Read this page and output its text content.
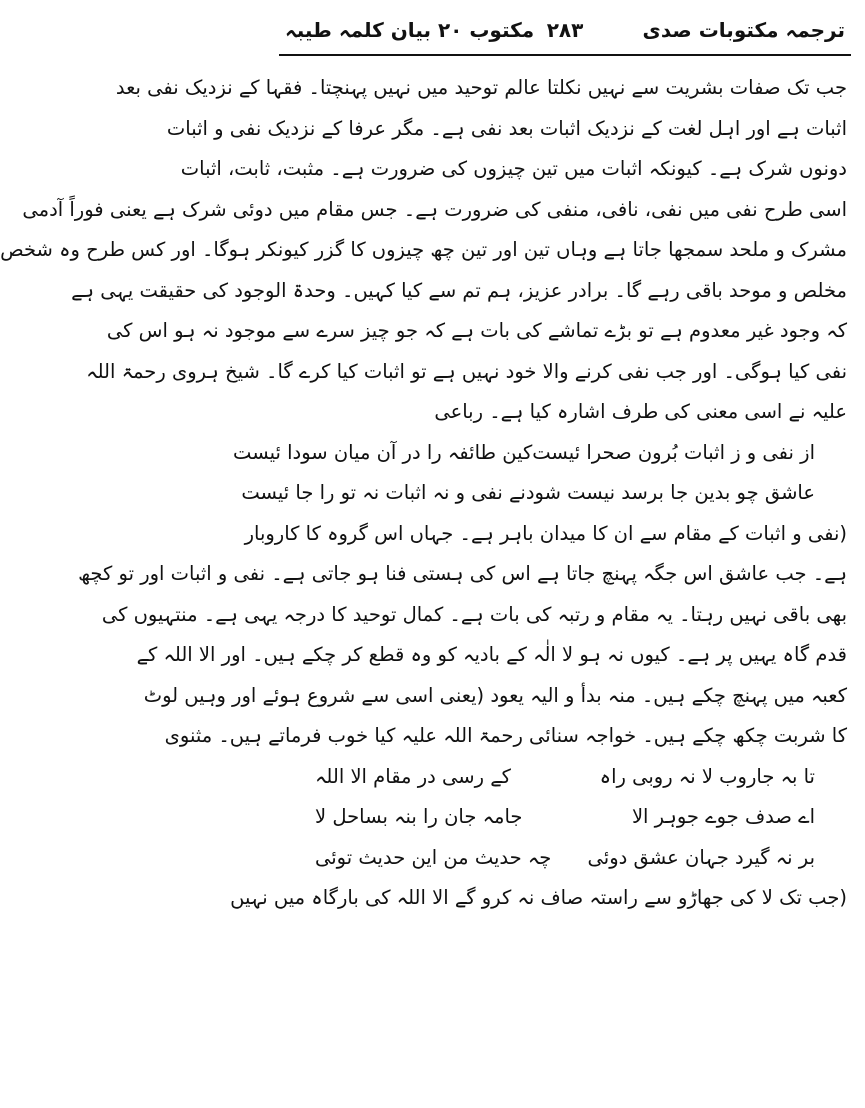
ترجمہ مکتوبات صدی
۲۸۳
مکتوب ۲۰ بیان کلمہ طیبہ
جب تک صفات بشریت سے نہیں نکلتا عالم توحید میں نہیں پہنچتا۔ فقہا کے نزدیک نفی بعد
اثبات ہے اور اہل لغت کے نزدیک اثبات بعد نفی ہے۔ مگر عرفا کے نزدیک نفی و اثبات
دونوں شرک ہے۔ کیونکہ اثبات میں تین چیزوں کی ضرورت ہے۔ مثبت، ثابت، اثبات
اسی طرح نفی میں نفی، نافی، منفی کی ضرورت ہے۔ جس مقام میں دوئی شرک ہے یعنی فوراً آدمی
مشرک و ملحد سمجھا جاتا ہے وہاں تین اور تین چھ چیزوں کا گزر کیونکر ہوگا۔ اور کس طرح وہ شخص
مخلص و موحد باقی رہے گا۔ برادر عزیز، ہم تم سے کیا کہیں۔ وحدۃ الوجود کی حقیقت یہی ہے
کہ وجود غیر معدوم ہے تو بڑے تماشے کی بات ہے کہ جو چیز سرے سے موجود نہ ہو اس کی
نفی کیا ہوگی۔ اور جب نفی کرنے والا خود نہیں ہے تو اثبات کیا کرے گا۔ شیخ ہروی رحمۃ اللہ
علیہ نے اسی معنی کی طرف اشارہ کیا ہے۔ رباعی
از نفی و ز اثبات بُرون صحرا ئیست
کین طائفہ را در آن میان سودا ئیست
عاشق چو بدین جا برسد نیست شود
نے نفی و نہ اثبات نہ تو را جا ئیست
(نفی و اثبات کے مقام سے ان کا میدان باہر ہے۔ جہاں اس گروہ کا کاروبار
ہے۔ جب عاشق اس جگہ پہنچ جاتا ہے اس کی ہستی فنا ہو جاتی ہے۔ نفی و اثبات اور تو کچھ
بھی باقی نہیں رہتا۔ یہ مقام و رتبہ کی بات ہے۔ کمال توحید کا درجہ یہی ہے۔ منتہیوں کی
قدم گاہ یہیں پر ہے۔ کیوں نہ ہو لا الٰہ کے بادیہ کو وہ قطع کر چکے ہیں۔ اور الا اللہ کے
کعبہ میں پہنچ چکے ہیں۔ منہ بدأ و الیہ یعود (یعنی اسی سے شروع ہوئے اور وہیں لوٹ
کا شربت چکھ چکے ہیں۔ خواجہ سنائی رحمۃ اللہ علیہ کیا خوب فرماتے ہیں۔ مثنوی
تا بہ جاروب لا نہ روبی راہ
کے رسی در مقام الا اللہ
اے صدف جوے جوہر الا
جامہ جان را بنہ بساحل لا
بر نہ گیرد جہان عشق دوئی
چہ حدیث من این حدیث توئی
(جب تک لا کی جھاڑو سے راستہ صاف نہ کرو گے الا اللہ کی بارگاہ میں نہیں
